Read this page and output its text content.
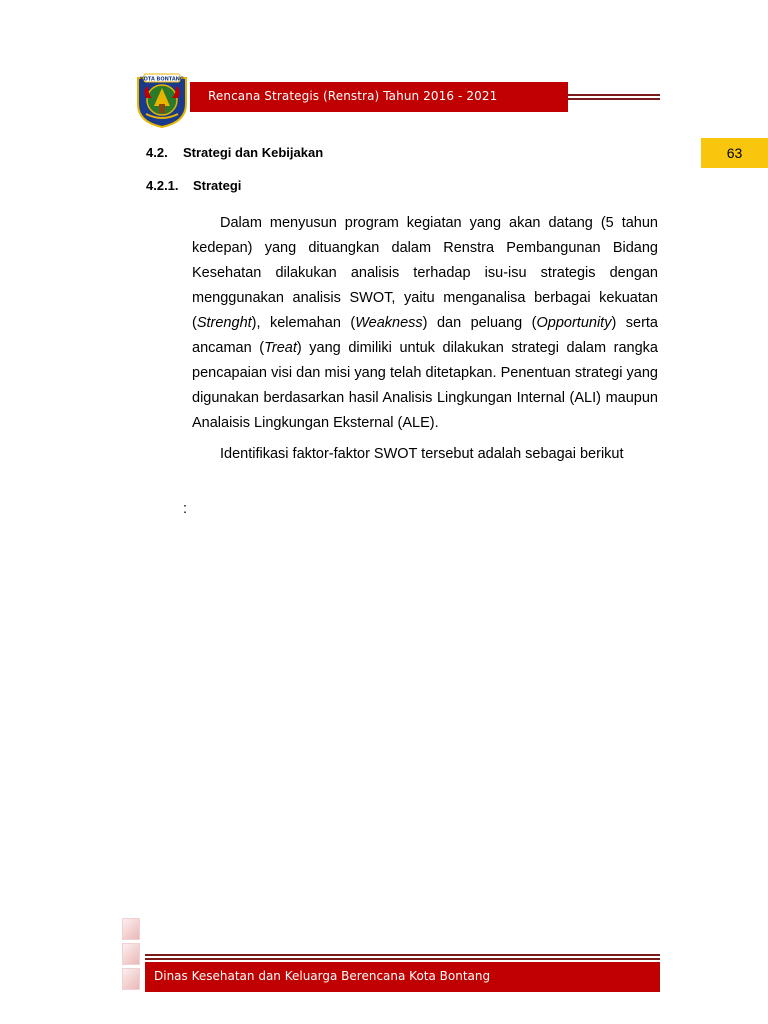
KOTA BONTANG
Rencana Strategis (Renstra) Tahun 2016 - 2021
63
4.2. Strategi dan Kebijakan
4.2.1. Strategi

Dalam menyusun program kegiatan yang akan datang (5 tahun kedepan) yang dituangkan dalam Renstra Pembangunan Bidang Kesehatan dilakukan analisis terhadap isu-isu strategis dengan menggunakan analisis SWOT, yaitu menganalisa berbagai kekuatan (Strenght), kelemahan (Weakness) dan peluang (Opportunity) serta ancaman (Treat) yang dimiliki untuk dilakukan strategi dalam rangka pencapaian visi dan misi yang telah ditetapkan. Penentuan strategi yang digunakan berdasarkan hasil Analisis Lingkungan Internal (ALI) maupun Analaisis Lingkungan Eksternal (ALE).

Identifikasi faktor-faktor SWOT tersebut adalah sebagai berikut

:
Dinas Kesehatan dan Keluarga Berencana Kota Bontang
